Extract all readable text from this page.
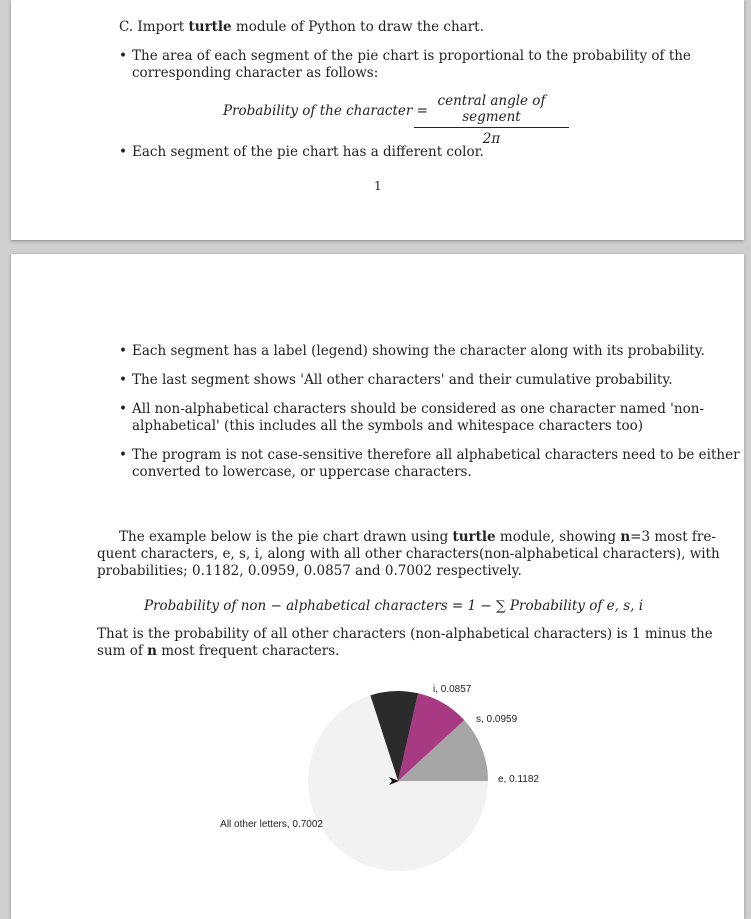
C. Import turtle module of Python to draw the chart.
• The area of each segment of the pie chart is proportional to the probability of the
corresponding character as follows:
Probability of the character =
central angle of segment
2π
• Each segment of the pie chart has a different color.
1
• Each segment has a label (legend) showing the character along with its probability.
• The last segment shows 'All other characters' and their cumulative probability.
• All non-alphabetical characters should be considered as one character named 'non-
alphabetical' (this includes all the symbols and whitespace characters too)
• The program is not case-sensitive therefore all alphabetical characters need to be either
converted to lowercase, or uppercase characters.
The example below is the pie chart drawn using turtle module, showing n=3 most fre-
quent characters, e, s, i, along with all other characters(non-alphabetical characters), with
probabilities; 0.1182, 0.0959, 0.0857 and 0.7002 respectively.
Probability of non − alphabetical characters = 1 − ∑ Probability of e, s, i
That is the probability of all other characters (non-alphabetical characters) is 1 minus the
sum of n most frequent characters.
e, 0.1182
s, 0.0959
i, 0.0857
All other letters, 0.7002
